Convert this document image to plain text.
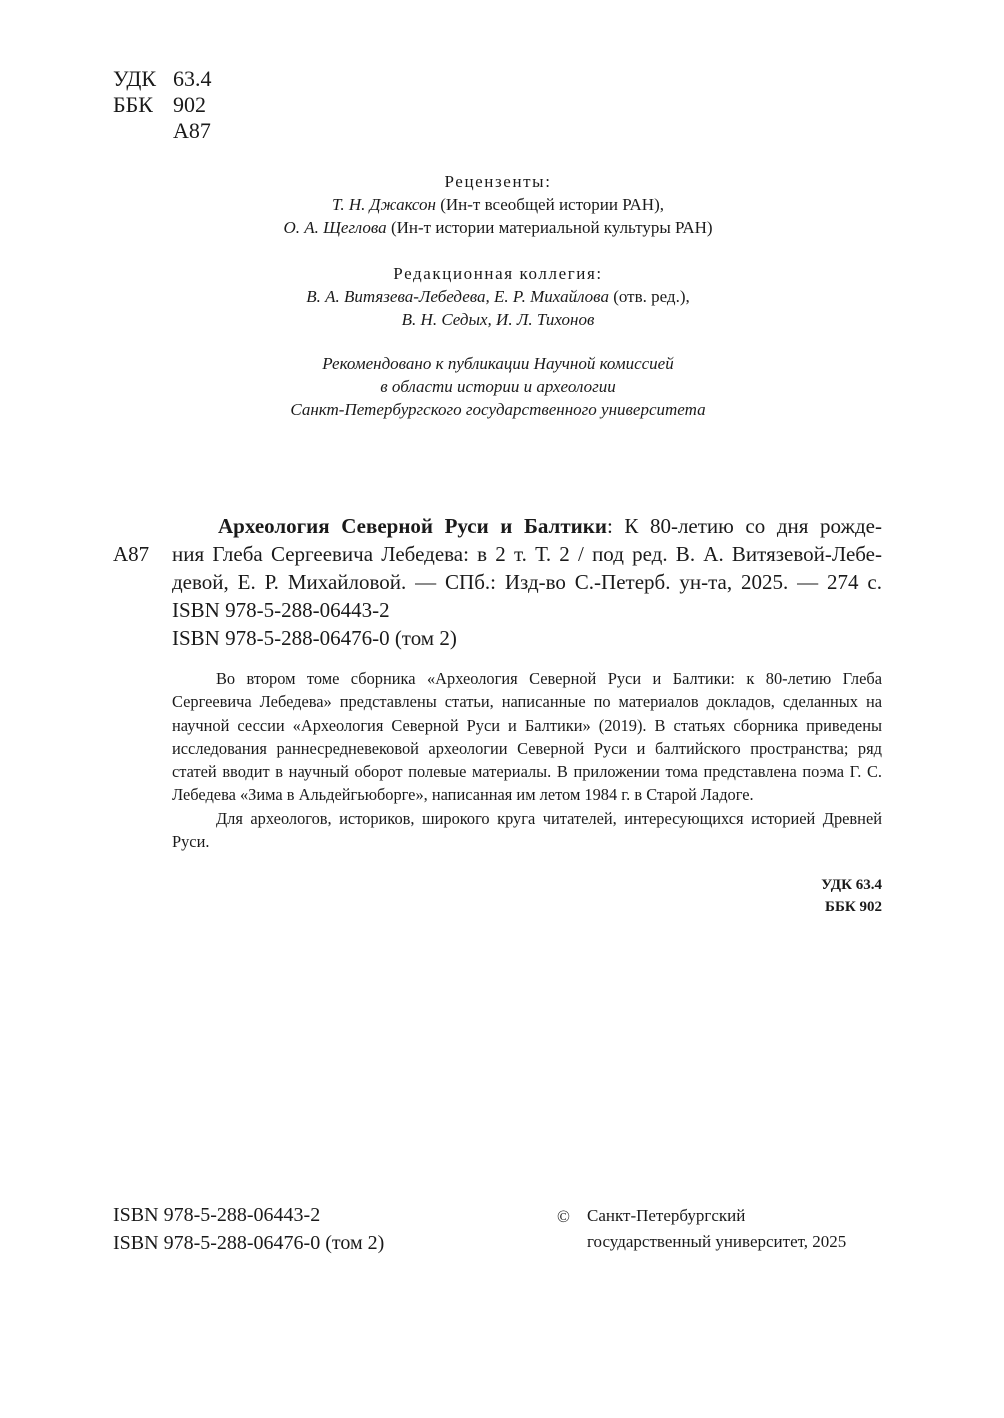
УДК 63.4
ББК 902
А87
Рецензенты:
Т. Н. Джаксон (Ин-т всеобщей истории РАН),
О. А. Щеглова (Ин-т истории материальной культуры РАН)
Редакционная коллегия:
В. А. Витязева-Лебедева, Е. Р. Михайлова (отв. ред.),
В. Н. Седых, И. Л. Тихонов
Рекомендовано к публикации Научной комиссией
в области истории и археологии
Санкт-Петербургского государственного университета
А87
Археология Северной Руси и Балтики: К 80-летию со дня рожде-
ния Глеба Сергеевича Лебедева: в 2 т. Т. 2 / под ред. В. А. Витязевой-Лебе-
девой, Е. Р. Михайловой. — СПб.: Изд-во С.-Петерб. ун-та, 2025. — 274 с.
ISBN 978-5-288-06443-2
ISBN 978-5-288-06476-0 (том 2)

Во втором томе сборника «Археология Северной Руси и Балтики: к 80-летию Глеба Сергеевича Лебедева» представлены статьи, написанные по материалов докладов, сделанных на научной сессии «Археология Северной Руси и Балтики» (2019). В статьях сборника приведены исследования раннесредневековой археологии Северной Руси и балтийского пространства; ряд статей вводит в научный оборот полевые материалы. В приложении тома представлена поэма Г. С. Лебедева «Зима в Альдейгьюборге», написанная им летом 1984 г. в Старой Ладоге.

Для археологов, историков, широкого круга читателей, интересующихся историей Древней Руси.

УДК 63.4
ББК 902
ISBN 978-5-288-06443-2
ISBN 978-5-288-06476-0 (том 2)
© Санкт-Петербургский
государственный университет, 2025
